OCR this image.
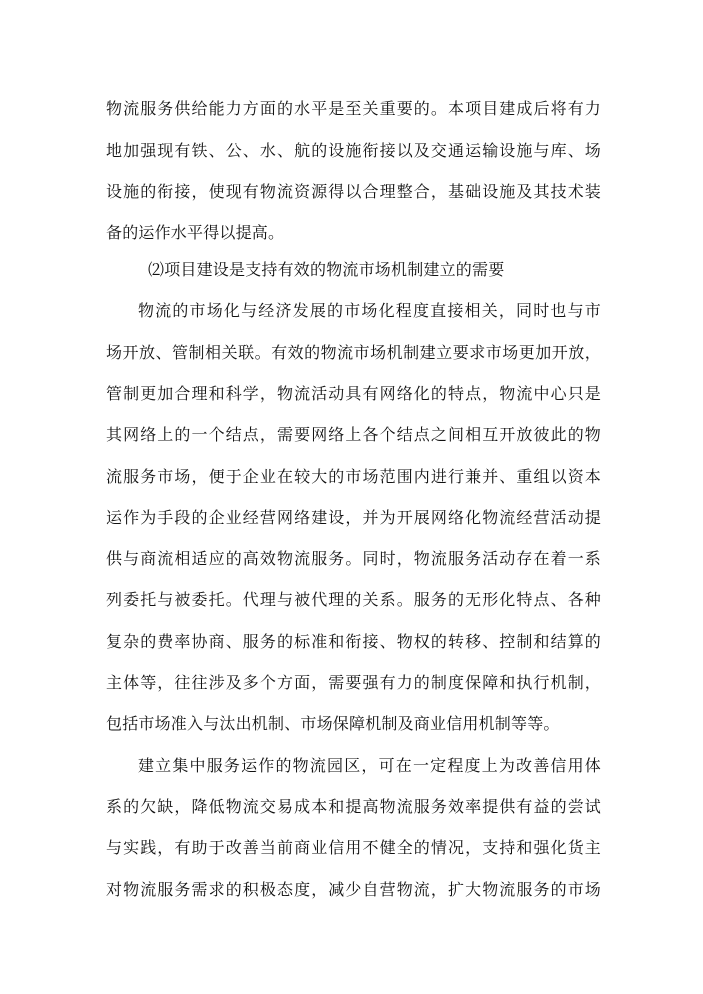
物流服务供给能力方面的水平是至关重要的。本项目建成后将有力
地加强现有铁、公、水、航的设施衔接以及交通运输设施与库、场
设施的衔接，使现有物流资源得以合理整合，基础设施及其技术装
备的运作水平得以提高。
⑵项目建设是支持有效的物流市场机制建立的需要
物流的市场化与经济发展的市场化程度直接相关，同时也与市
场开放、管制相关联。有效的物流市场机制建立要求市场更加开放，
管制更加合理和科学，物流活动具有网络化的特点，物流中心只是
其网络上的一个结点，需要网络上各个结点之间相互开放彼此的物
流服务市场，便于企业在较大的市场范围内进行兼并、重组以资本
运作为手段的企业经营网络建设，并为开展网络化物流经营活动提
供与商流相适应的高效物流服务。同时，物流服务活动存在着一系
列委托与被委托。代理与被代理的关系。服务的无形化特点、各种
复杂的费率协商、服务的标准和衔接、物权的转移、控制和结算的
主体等，往往涉及多个方面，需要强有力的制度保障和执行机制，
包括市场准入与汰出机制、市场保障机制及商业信用机制等等。
建立集中服务运作的物流园区，可在一定程度上为改善信用体
系的欠缺，降低物流交易成本和提高物流服务效率提供有益的尝试
与实践，有助于改善当前商业信用不健全的情况，支持和强化货主
对物流服务需求的积极态度，减少自营物流，扩大物流服务的市场
